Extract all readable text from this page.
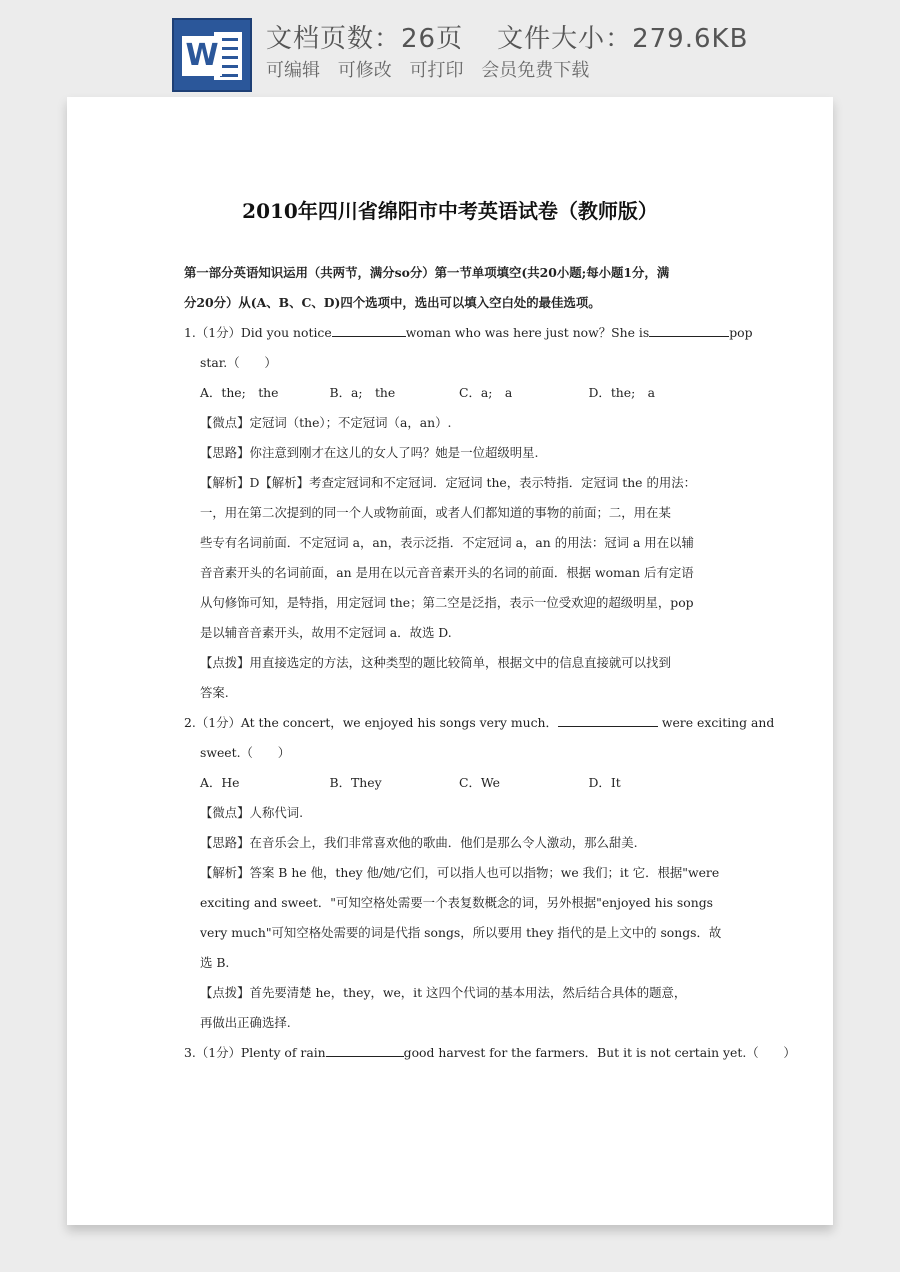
W 文档页数：26页 文件大小：279.6KB
可编辑 可修改 可打印 会员免费下载
2010年四川省绵阳市中考英语试卷（教师版）
第一部分英语知识运用（共两节，满分so分）第一节单项填空(共20小题;每小题1分，满
分20分）从(A、B、C、D)四个选项中，选出可以填入空白处的最佳选项。
1.（1分）Did you notice	woman who was here just now？She is	pop
star.（　　）
A．the;　the	B．a;　the	C．a;　a	D．the;　a
【微点】定冠词（the）；不定冠词（a，an）.
【思路】你注意到刚才在这儿的女人了吗？她是一位超级明星.
【解析】D【解析】考查定冠词和不定冠词．定冠词 the，表示特指．定冠词 the 的用法：
一，用在第二次提到的同一个人或物前面，或者人们都知道的事物的前面；二，用在某
些专有名词前面．不定冠词 a，an，表示泛指．不定冠词 a，an 的用法：冠词 a 用在以辅
音音素开头的名词前面，an 是用在以元音音素开头的名词的前面．根据 woman 后有定语
从句修饰可知，是特指，用定冠词 the；第二空是泛指，表示一位受欢迎的超级明星，pop
是以辅音音素开头，故用不定冠词 a．故选 D.
【点拨】用直接选定的方法，这种类型的题比较简单，根据文中的信息直接就可以找到
答案.
2.（1分）At the concert，we enjoyed his songs very much．	were exciting and
sweet.（　　）
A．He	B．They	C．We	D．It
【微点】人称代词.
【思路】在音乐会上，我们非常喜欢他的歌曲．他们是那么令人激动，那么甜美.
【解析】答案 B he 他，they 他/她/它们，可以指人也可以指物；we 我们；it 它．根据"were
exciting and sweet．"可知空格处需要一个表复数概念的词，另外根据"enjoyed his songs
very much"可知空格处需要的词是代指 songs，所以要用 they 指代的是上文中的 songs．故
选 B.
【点拨】首先要清楚 he，they，we，it 这四个代词的基本用法，然后结合具体的题意，
再做出正确选择.
3.（1分）Plenty of rain	good harvest for the farmers．But it is not certain yet.（　　）
